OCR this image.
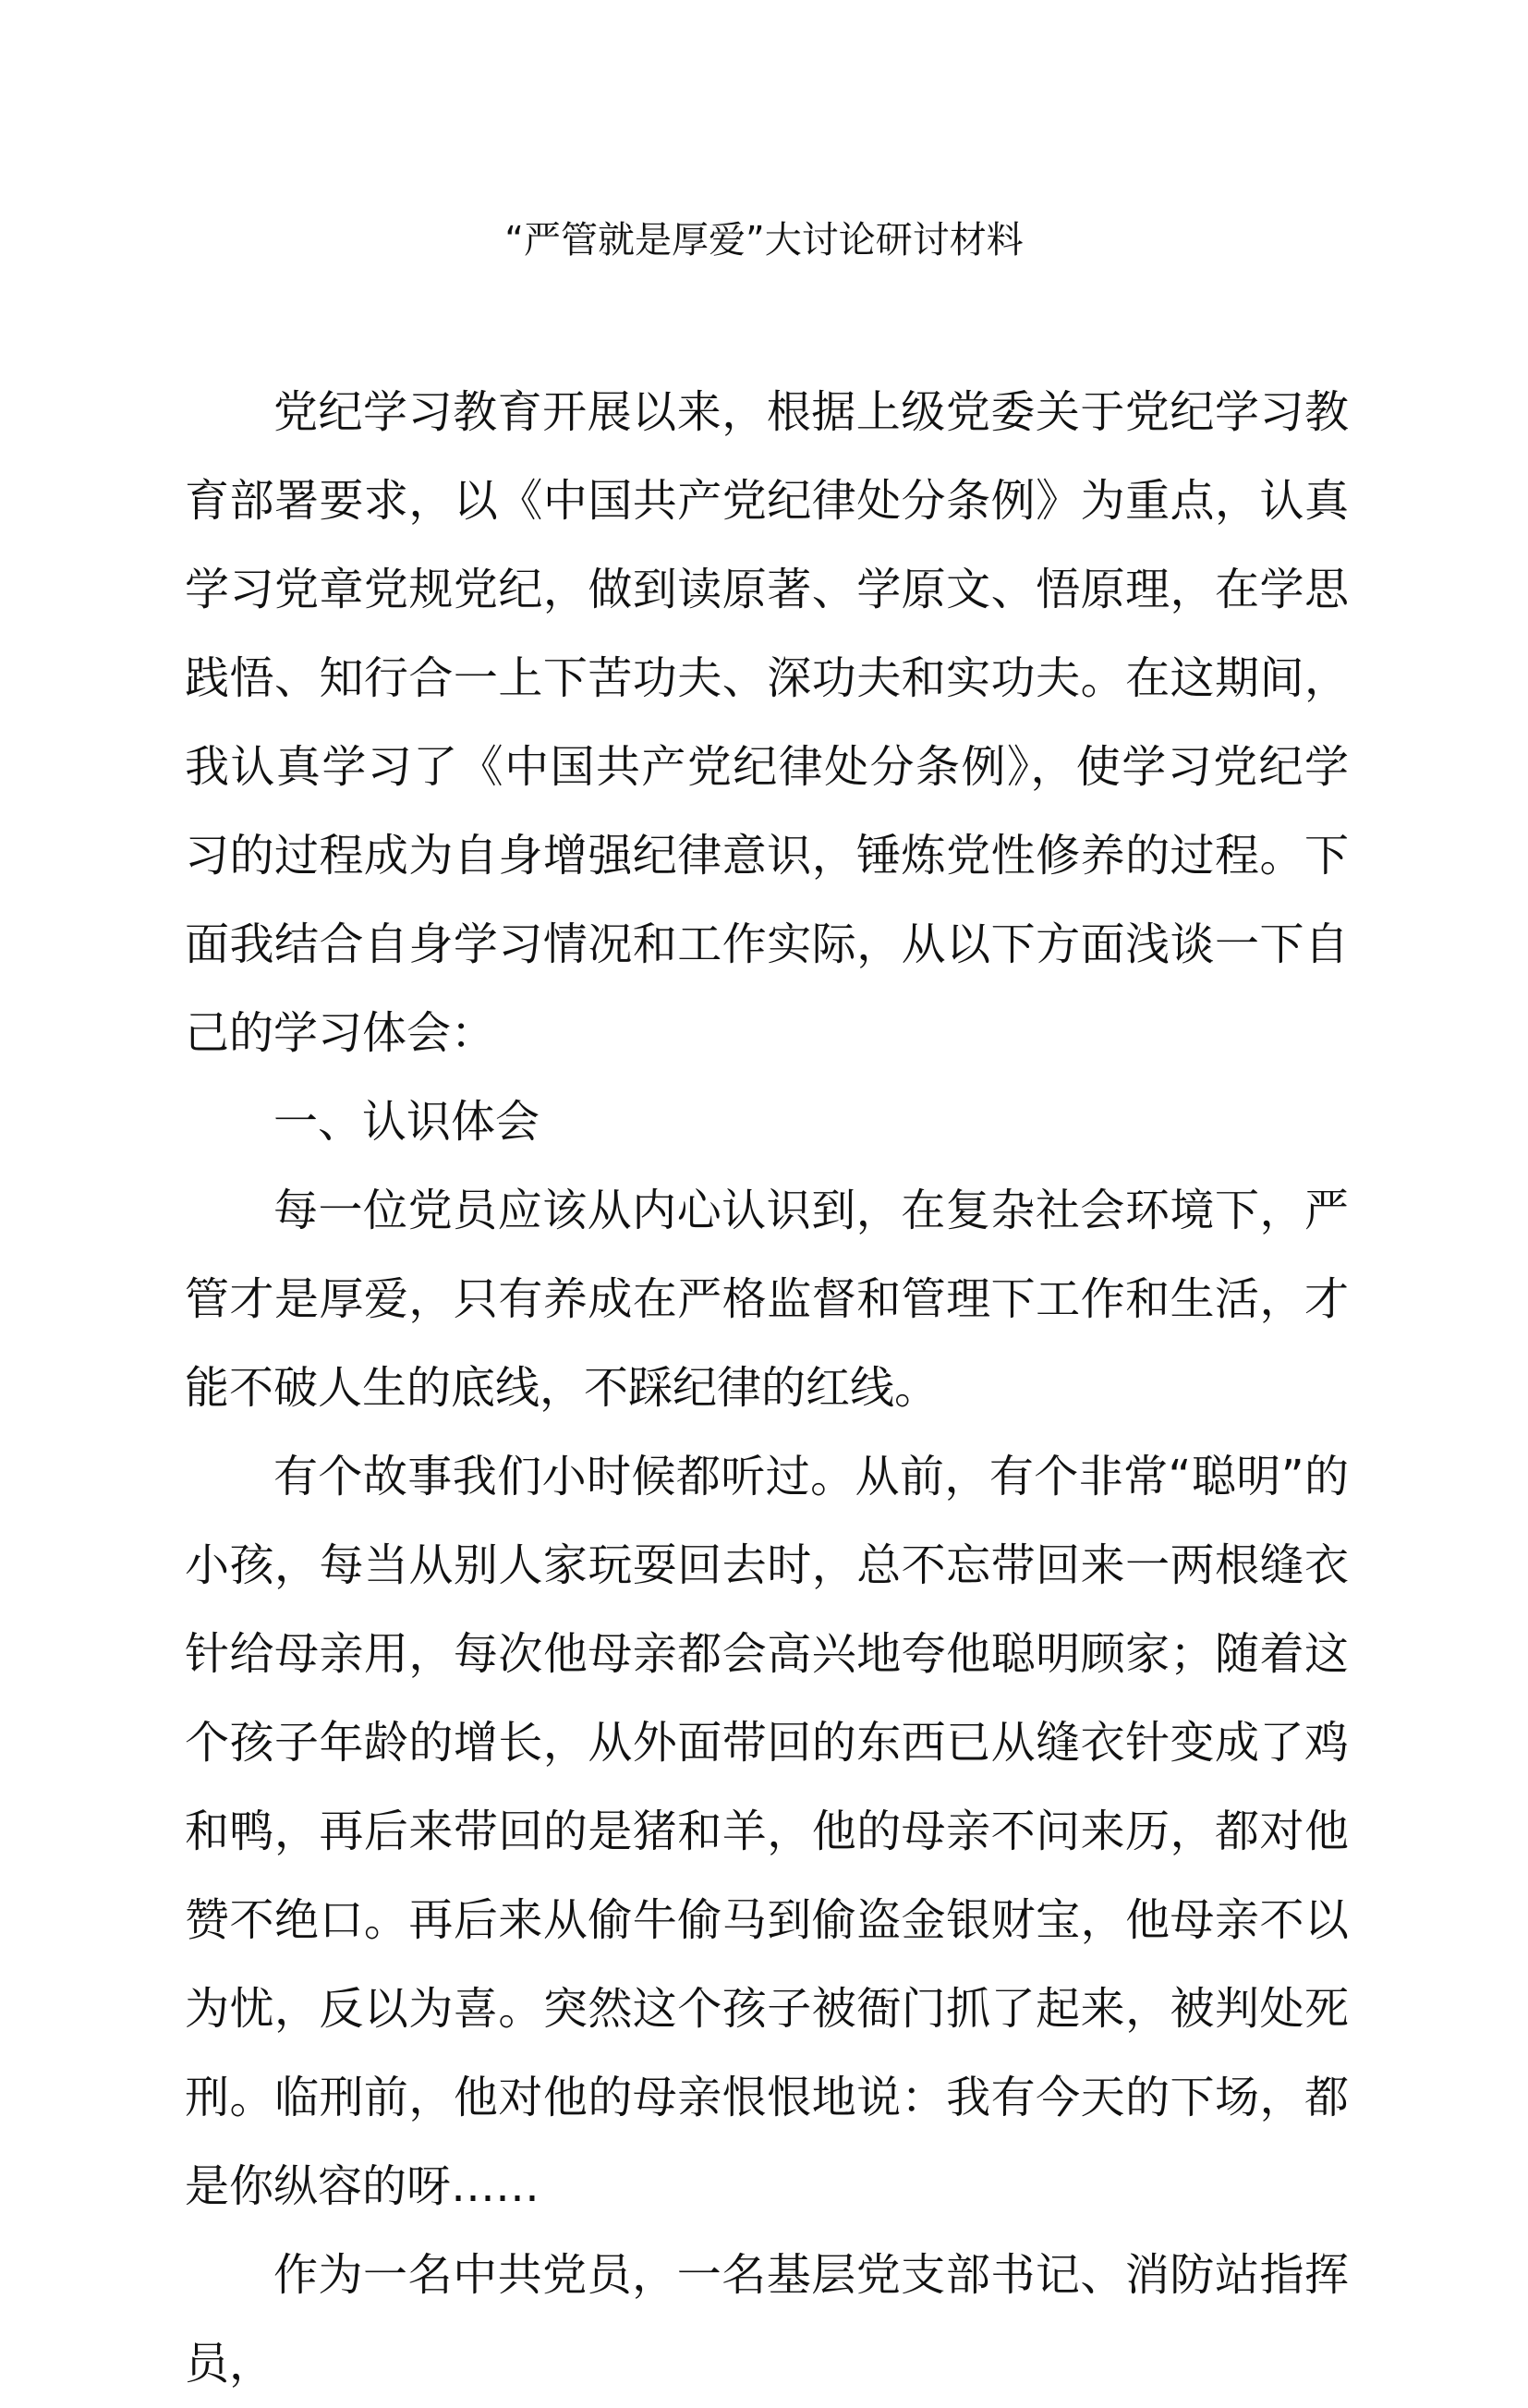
“严管就是厚爱”大讨论研讨材料

党纪学习教育开展以来，根据上级党委关于党纪学习教育部署要求，以《中国共产党纪律处分条例》为重点，认真学习党章党规党纪，做到读原著、学原文、悟原理，在学思践悟、知行合一上下苦功夫、深功夫和实功夫。在这期间，我认真学习了《中国共产党纪律处分条例》，使学习党纪学习的过程成为自身增强纪律意识，锤炼党性修养的过程。下面我结合自身学习情况和工作实际，从以下方面浅谈一下自己的学习体会：

一、认识体会

每一位党员应该从内心认识到，在复杂社会环境下，严管才是厚爱，只有养成在严格监督和管理下工作和生活，才能不破人生的底线，不踩纪律的红线。

有个故事我们小时候都听过。从前，有个非常“聪明”的小孩，每当从别人家玩耍回去时，总不忘带回来一两根缝衣针给母亲用，每次他母亲都会高兴地夸他聪明顾家；随着这个孩子年龄的增长，从外面带回的东西已从缝衣针变成了鸡和鸭，再后来带回的是猪和羊，他的母亲不问来历，都对他赞不绝口。再后来从偷牛偷马到偷盗金银财宝，他母亲不以为忧，反以为喜。突然这个孩子被衙门抓了起来，被判处死刑。临刑前，他对他的母亲恨恨地说：我有今天的下场，都是你纵容的呀……

作为一名中共党员，一名基层党支部书记、消防站指挥员，
